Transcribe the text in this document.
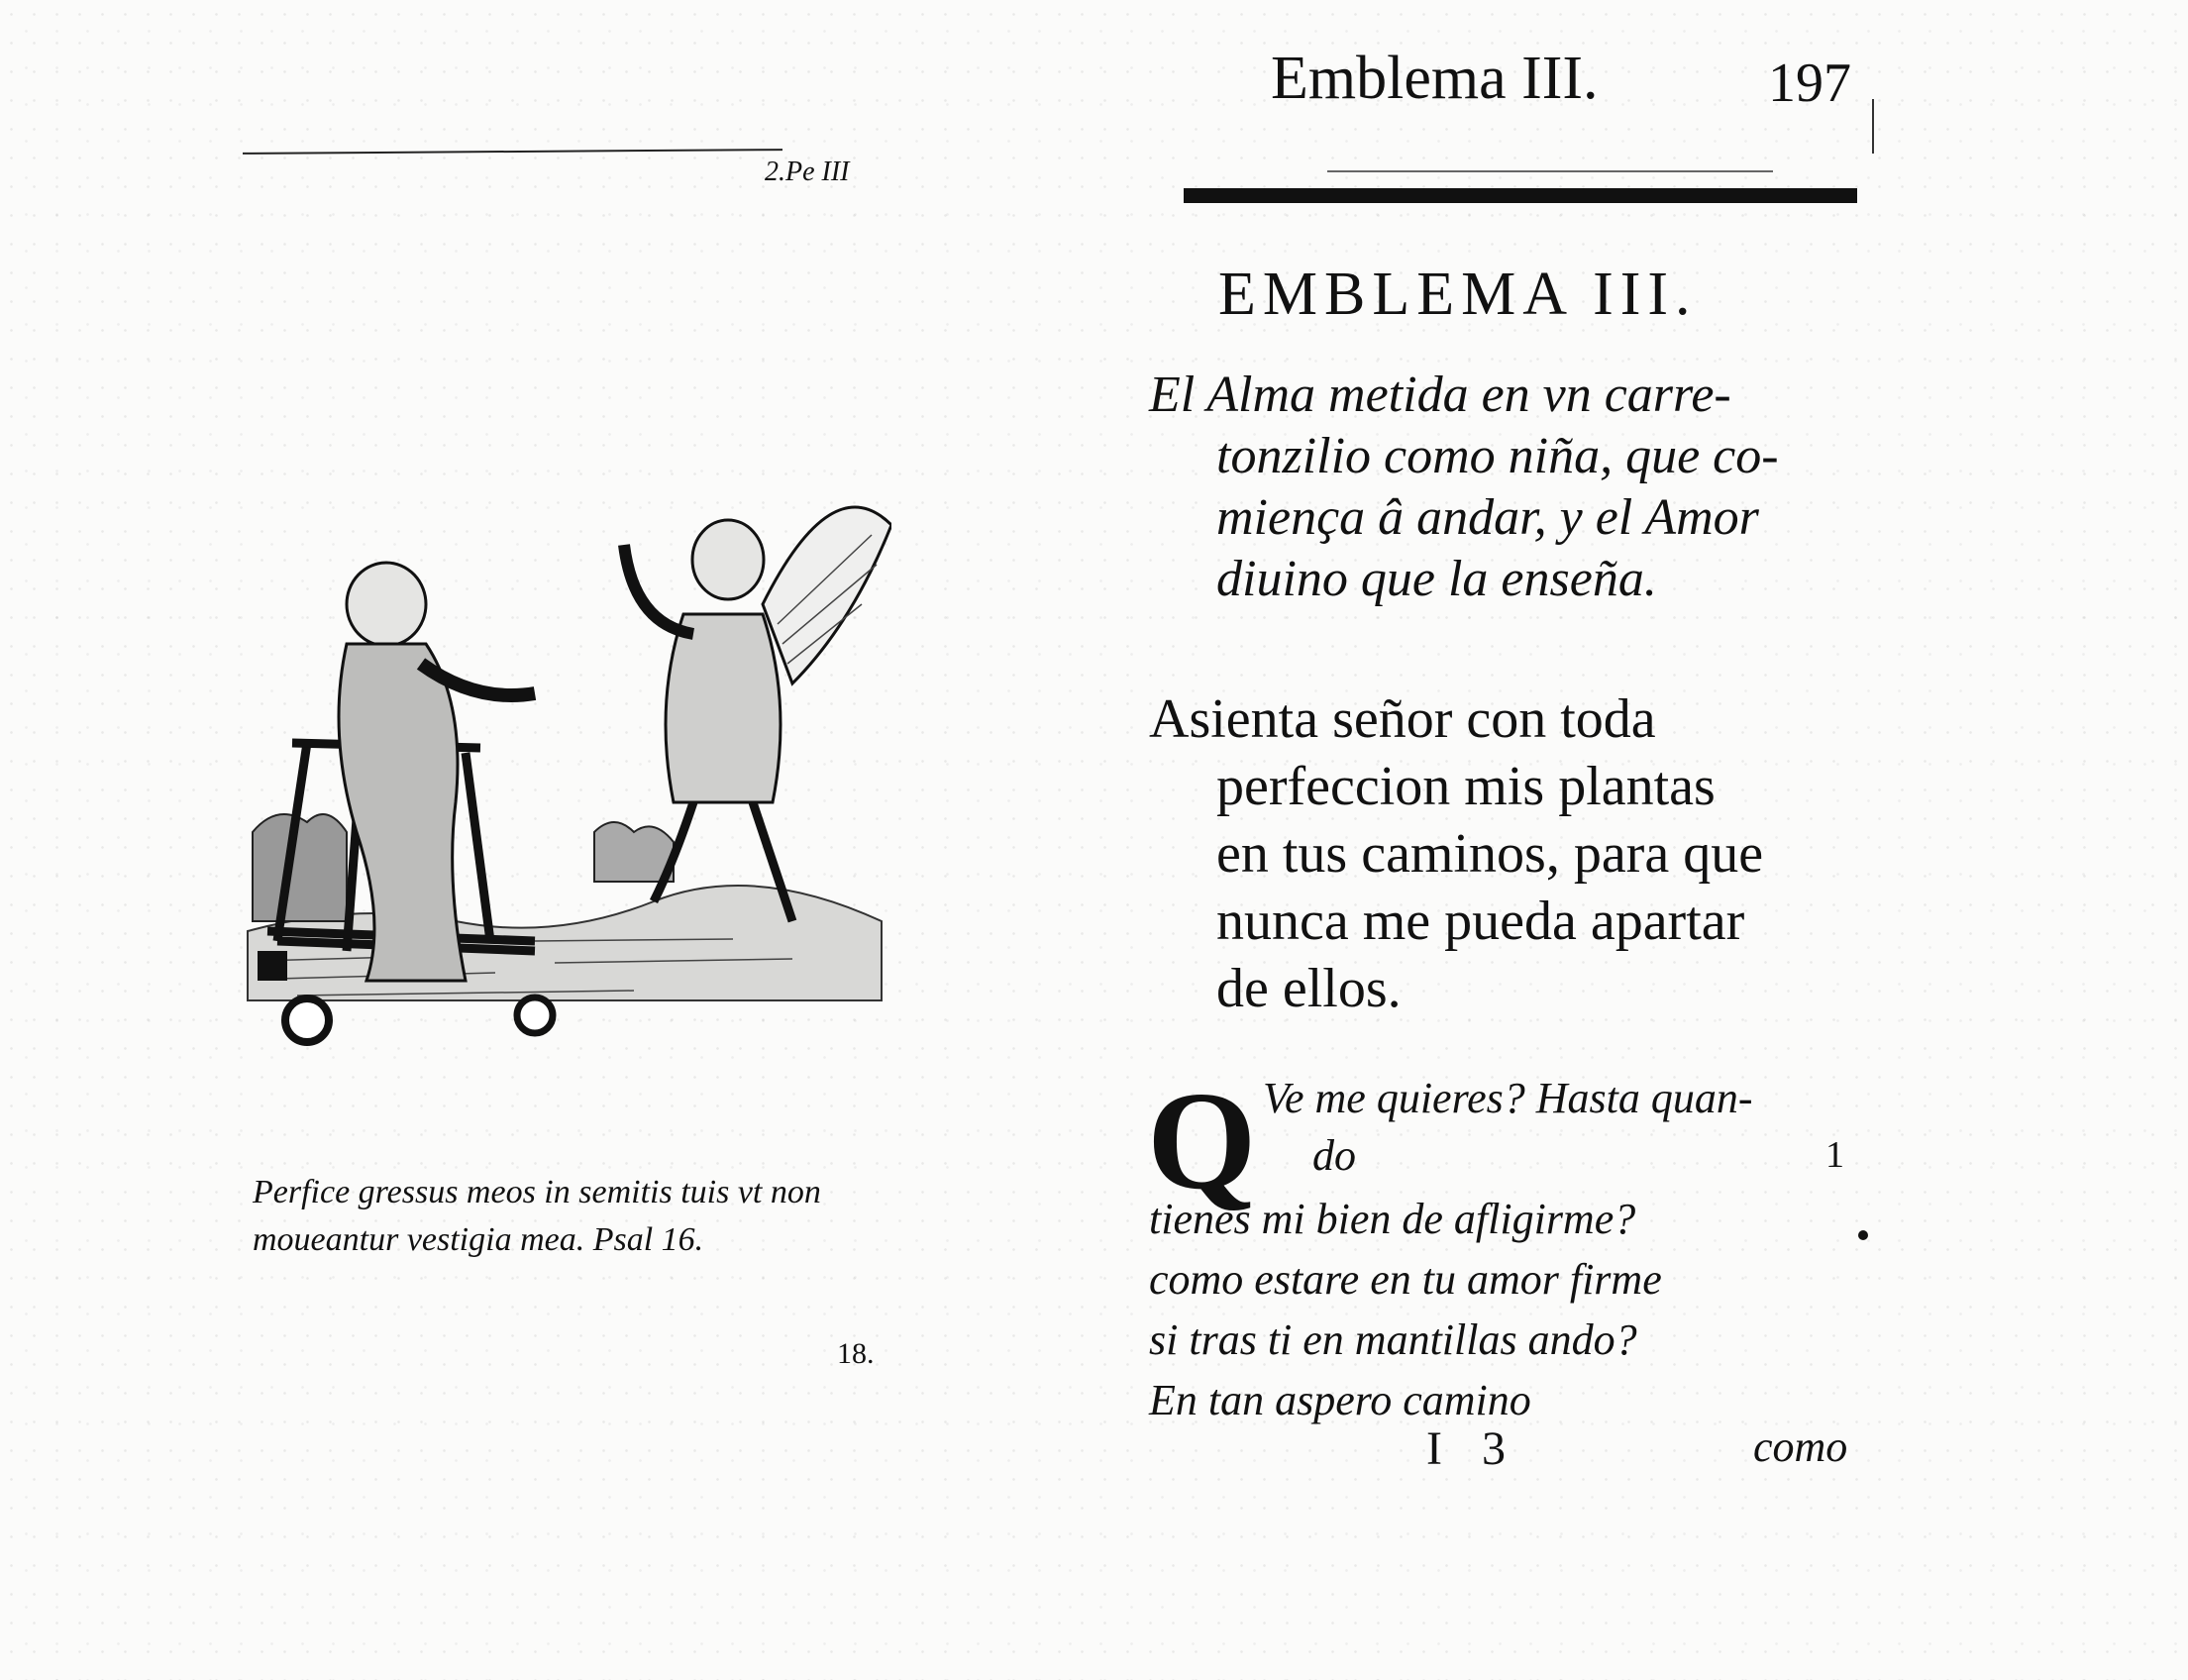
2.Pe III
Perfice gressus meos in semitis tuis vt non
moueantur vestigia mea. Psal 16.
18.
Emblema III.	197
EMBLEMA III.
El Alma metida en vn carre-
tonzilio como niña, que co-
mienҫa â andar, y el Amor
diuino que la enseña.
Asienta señor con toda
perfeccion mis plantas
en tus caminos, para que
nunca me pueda apartar
de ellos.
Q Ve me quieres? Hasta quan-
do	1
tienes mi bien de afligirme?
como estare en tu amor firme
si tras ti en mantillas ando?
En tan aspero camino
I 3	como
